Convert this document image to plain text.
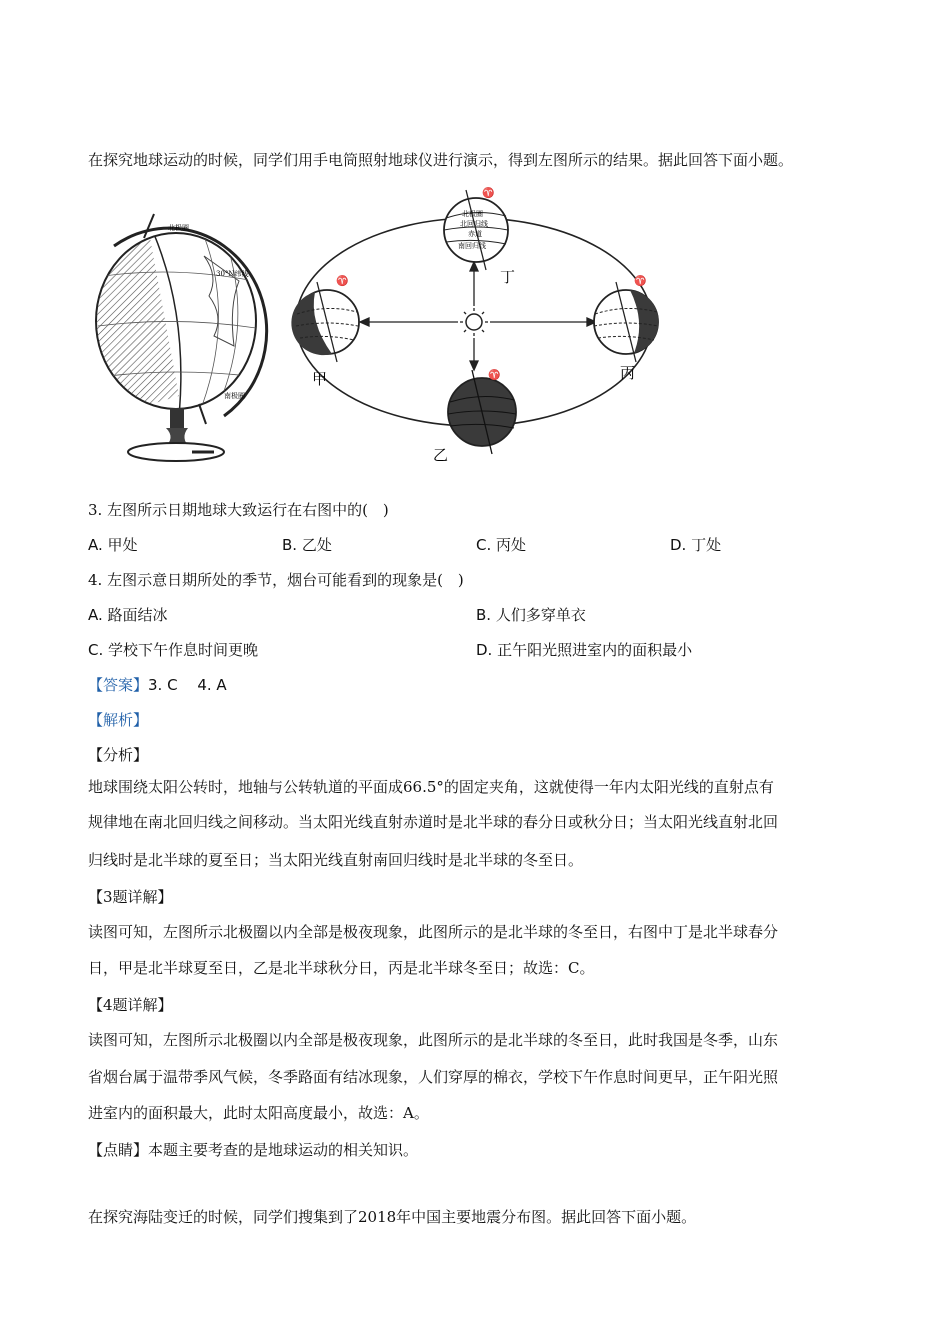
在探究地球运动的时候，同学们用手电筒照射地球仪进行演示，得到左图所示的结果。据此回答下面小题。
北极圈
30°N纬线
南极圈
♈
甲
♈
丙
♈
北极圈
北回归线
赤道
南回归线
丁
♈
乙
3. 左图所示日期地球大致运行在右图中的(　)
A. 甲处	B. 乙处	C. 丙处	D. 丁处
4. 左图示意日期所处的季节，烟台可能看到的现象是(　)
A. 路面结冰	B. 人们多穿单衣
C. 学校下午作息时间更晚	D. 正午阳光照进室内的面积最小
【答案】3. C　 4. A
【解析】
【分析】
地球围绕太阳公转时，地轴与公转轨道的平面成66.5°的固定夹角，这就使得一年内太阳光线的直射点有
规律地在南北回归线之间移动。当太阳光线直射赤道时是北半球的春分日或秋分日；当太阳光线直射北回
归线时是北半球的夏至日；当太阳光线直射南回归线时是北半球的冬至日。
【3题详解】
读图可知，左图所示北极圈以内全部是极夜现象，此图所示的是北半球的冬至日，右图中丁是北半球春分
日，甲是北半球夏至日，乙是北半球秋分日，丙是北半球冬至日；故选：C。
【4题详解】
读图可知，左图所示北极圈以内全部是极夜现象，此图所示的是北半球的冬至日，此时我国是冬季，山东
省烟台属于温带季风气候，冬季路面有结冰现象，人们穿厚的棉衣，学校下午作息时间更早，正午阳光照
进室内的面积最大，此时太阳高度最小，故选：A。
【点睛】本题主要考查的是地球运动的相关知识。
在探究海陆变迁的时候，同学们搜集到了2018年中国主要地震分布图。据此回答下面小题。
